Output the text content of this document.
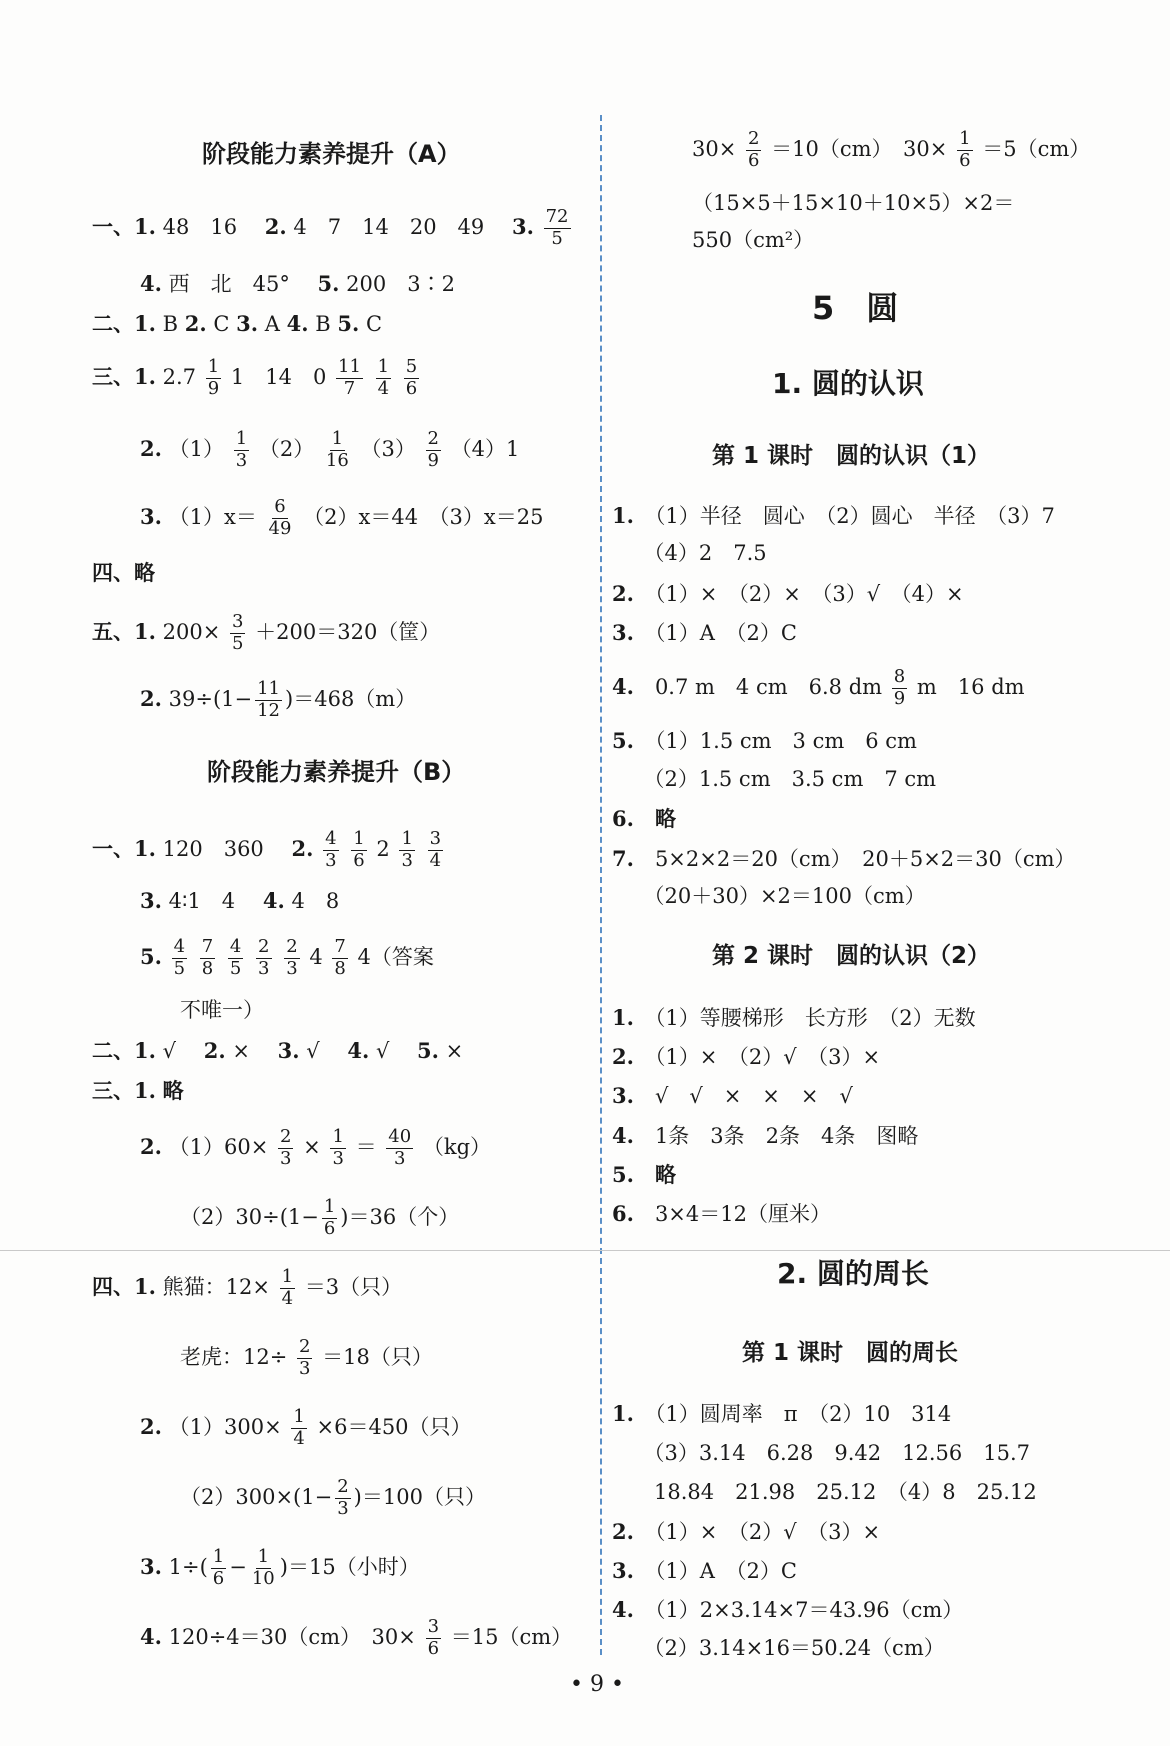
阶段能力素养提升（A）
一、1. 48　16　 2. 4　7　14　20　49　 3. $\frac{72}{5}$
4. 西　北　45°　 5. 200　3∶2
二、1. B 2. C 3. A 4. B 5. C
三、1. $2.7 \frac{1}{9} 1$　14　$0 \frac{11}{7}$
$\frac{1}{4}$
$\frac{5}{6}$
2. $(1) \frac{1}{3} (2) \frac{1}{16} (3) \frac{2}{9} (4)1$
3. $(1)x= \frac{6}{49} (2)x=44$　（3）x＝25
四、略
五、1. $200\times \frac{3}{5} +200=320$（筐）
2. $39\div(1- \frac{11}{12} )=468(m)$
阶段能力素养提升（B）
一、1. 120　360　 2. $\frac{4}{3}$
$\frac{1}{6} 2 \frac{1}{3}$
$\frac{3}{4}$
3. 4∶1　4　 4. 4　8
5. $\frac{4}{5}$
$\frac{7}{8}$
$\frac{4}{5}$
$\frac{2}{3}$
$\frac{2}{3} 4 \frac{7}{8} 4$（答案
不唯一）
二、1. √　 2. ×　 3. √　 4. √　 5. ×
三、1. 略
2. $(1)60\times \frac{2}{3} \times \frac{1}{3} = \frac{40}{3} (kg)$
$(2)30\div(1- \frac{1}{6} )=36$（个）
四、1. 熊猫：$12\times \frac{1}{4} =3$（只）
老虎：$12\div \frac{2}{3} =18$（只）
2. $(1)300\times \frac{1}{4} \times 6=450$（只）
$(2)300\times(1- \frac{2}{3} )=100$（只）
3. $1\div( \frac{1}{6} - \frac{1}{10} )=15$（小时）
4. 120÷4＝30（cm）　$30\times \frac{3}{6} =15(cm)$
$30\times \frac{2}{6} =10(cm)$　$30\times \frac{1}{6} =5(cm)$
（15×5＋15×10＋10×5）×2＝
550（cm²）
5　圆
1. 圆的认识
第 1 课时　圆的认识（1）
1.　 （1）半径　圆心　（2）圆心　半径　（3）7
　（4）2　7.5
2.　 （1）×　（2）×　（3）√　（4）×
3.　 （1）A　（2）C
4.　 0.7 m　4 cm　6.8 dm $\frac{8}{9}$ m　16 dm
5.　 （1）1.5 cm　3 cm　6 cm
　（2）1.5 cm　3.5 cm　7 cm
6.　 略
7.　 5×2×2＝20（cm）　20＋5×2＝30（cm）
　（20＋30）×2＝100（cm）
第 2 课时　圆的认识（2）
1.　 （1）等腰梯形　长方形　（2）无数
2.　 （1）×　（2）√　（3）×
3.　 √　√　×　×　×　√
4.　 1条　3条　2条　4条　图略
5.　 略
6.　 3×4＝12（厘米）
2. 圆的周长
第 1 课时　圆的周长
1.　 （1）圆周率　π　（2）10　314
　（3）3.14　6.28　9.42　12.56　15.7
　18.84　21.98　25.12　（4）8　25.12
2.　 （1）×　（2）√　（3）×
3.　 （1）A　（2）C
4.　 （1）2×3.14×7＝43.96（cm）
　（2）3.14×16＝50.24（cm）
• 9 •
